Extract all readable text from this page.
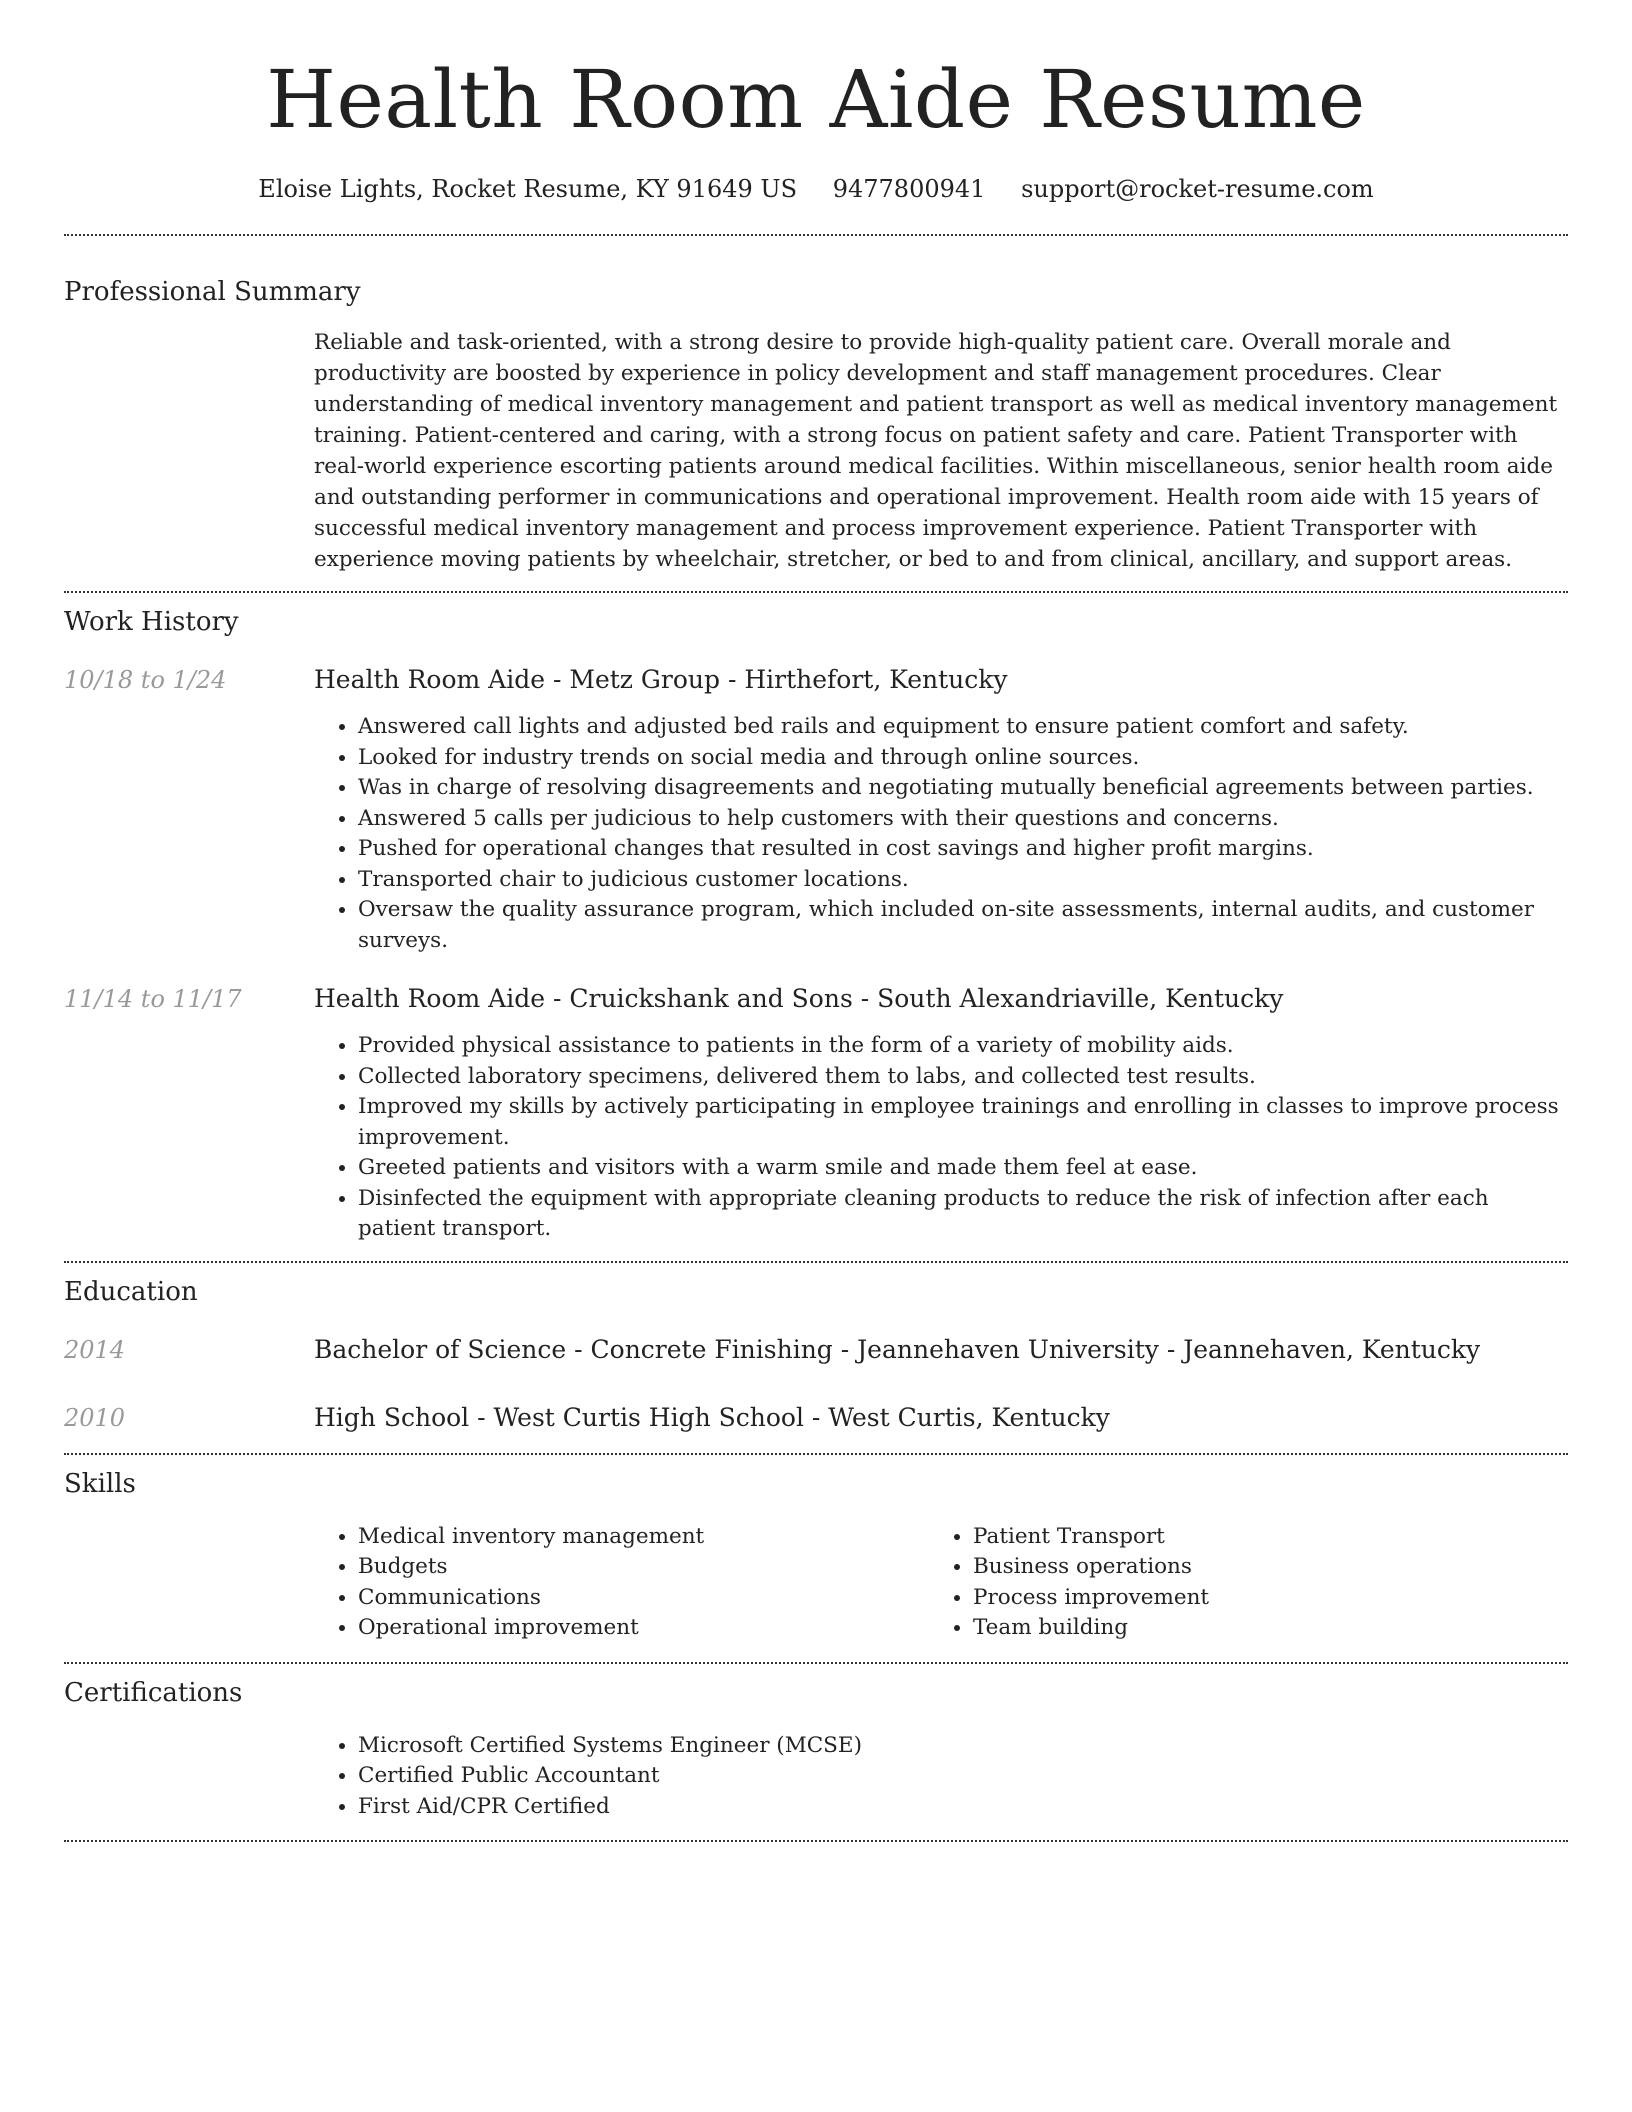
Health Room Aide Resume
Eloise Lights, Rocket Resume, KY 91649 US 9477800941 support@rocket-resume.com
Professional Summary

Reliable and task-oriented, with a strong desire to provide high-quality patient care. Overall morale and productivity are boosted by experience in policy development and staff management procedures. Clear understanding of medical inventory management and patient transport as well as medical inventory management training. Patient-centered and caring, with a strong focus on patient safety and care. Patient Transporter with real-world experience escorting patients around medical facilities. Within miscellaneous, senior health room aide and outstanding performer in communications and operational improvement. Health room aide with 15 years of successful medical inventory management and process improvement experience. Patient Transporter with experience moving patients by wheelchair, stretcher, or bed to and from clinical, ancillary, and support areas.

Work History
10/18 to 1/24	Health Room Aide - Metz Group - Hirthefort, Kentucky
• Answered call lights and adjusted bed rails and equipment to ensure patient comfort and safety.
• Looked for industry trends on social media and through online sources.
• Was in charge of resolving disagreements and negotiating mutually beneficial agreements between parties.
• Answered 5 calls per judicious to help customers with their questions and concerns.
• Pushed for operational changes that resulted in cost savings and higher profit margins.
• Transported chair to judicious customer locations.
• Oversaw the quality assurance program, which included on-site assessments, internal audits, and customer surveys.
11/14 to 11/17	Health Room Aide - Cruickshank and Sons - South Alexandriaville, Kentucky
• Provided physical assistance to patients in the form of a variety of mobility aids.
• Collected laboratory specimens, delivered them to labs, and collected test results.
• Improved my skills by actively participating in employee trainings and enrolling in classes to improve process improvement.
• Greeted patients and visitors with a warm smile and made them feel at ease.
• Disinfected the equipment with appropriate cleaning products to reduce the risk of infection after each patient transport.
Education
2014	Bachelor of Science - Concrete Finishing - Jeannehaven University - Jeannehaven, Kentucky
2010	High School - West Curtis High School - West Curtis, Kentucky
Skills
• Medical inventory management
• Budgets
• Communications
• Operational improvement
• Patient Transport
• Business operations
• Process improvement
• Team building
Certifications
• Microsoft Certified Systems Engineer (MCSE)
• Certified Public Accountant
• First Aid/CPR Certified
